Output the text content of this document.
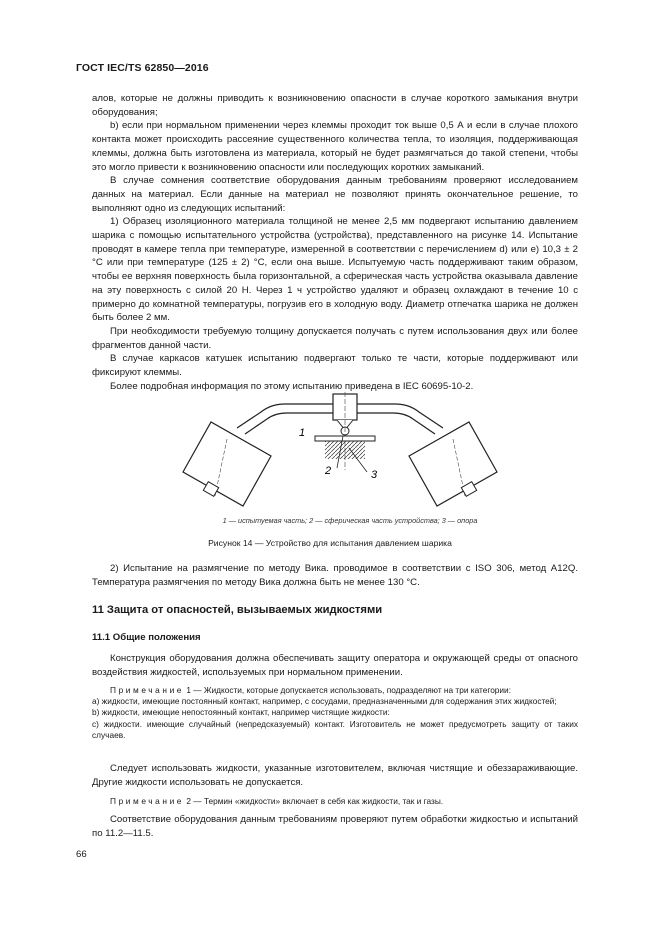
ГОСТ IEC/TS 62850—2016

алов, которые не должны приводить к возникновению опасности в случае короткого замыкания внутри оборудования;

b) если при нормальном применении через клеммы проходит ток выше 0,5 А и если в случае плохого контакта может происходить рассеяние существенного количества тепла, то изоляция, поддерживающая клеммы, должна быть изготовлена из материала, который не будет размягчаться до такой степени, чтобы это могло привести к возникновению опасности или последующих коротких замыканий.

В случае сомнения соответствие оборудования данным требованиям проверяют исследованием данных на материал. Если данные на материал не позволяют принять окончательное решение, то выполняют одно из следующих испытаний:

1) Образец изоляционного материала толщиной не менее 2,5 мм подвергают испытанию давлением шарика с помощью испытательного устройства (устройства), представленного на рисунке 14. Испытание проводят в камере тепла при температуре, измеренной в соответствии с перечислением d) или e) 10,3 ± 2 °C или при температуре (125 ± 2) °C, если она выше. Испытуемую часть поддерживают таким образом, чтобы ее верхняя поверхность была горизонтальной, а сферическая часть устройства оказывала давление на эту поверхность с силой 20 Н. Через 1 ч устройство удаляют и образец охлаждают в течение 10 с примерно до комнатной температуры, погрузив его в холодную воду. Диаметр отпечатка шарика не должен быть более 2 мм.

При необходимости требуемую толщину допускается получать с путем использования двух или более фрагментов данной части.

В случае каркасов катушек испытанию подвергают только те части, которые поддерживают или фиксируют клеммы.

Более подробная информация по этому испытанию приведена в IEC 60695-10-2.

1
2	3
1 — испытуемая часть; 2 — сферическая часть устройства; 3 — опора
Рисунок 14 — Устройство для испытания давлением шарика

2) Испытание на размягчение по методу Вика. проводимое в соответствии с ISO 306, метод A12Q. Температура размягчения по методу Вика должна быть не менее 130 °C.

11 Защита от опасностей, вызываемых жидкостями
11.1 Общие положения

Конструкция оборудования должна обеспечивать защиту оператора и окружающей среды от опасного воздействия жидкостей, используемых при нормальном применении.

Примечание 1 — Жидкости, которые допускается использовать, подразделяют на три категории:

а) жидкости, имеющие постоянный контакт, например, с сосудами, предназначенными для содержания этих жидкостей;

b) жидкости, имеющие непостоянный контакт, например чистящие жидкости:

c) жидкости. имеющие случайный (непредсказуемый) контакт. Изготовитель не может предусмотреть защиту от таких случаев.

Следует использовать жидкости, указанные изготовителем, включая чистящие и обеззараживающие. Другие жидкости использовать не допускается.

Примечание 2 — Термин «жидкости» включает в себя как жидкости, так и газы.

Соответствие оборудования данным требованиям проверяют путем обработки жидкостью и испытаний по 11.2—11.5.

66
